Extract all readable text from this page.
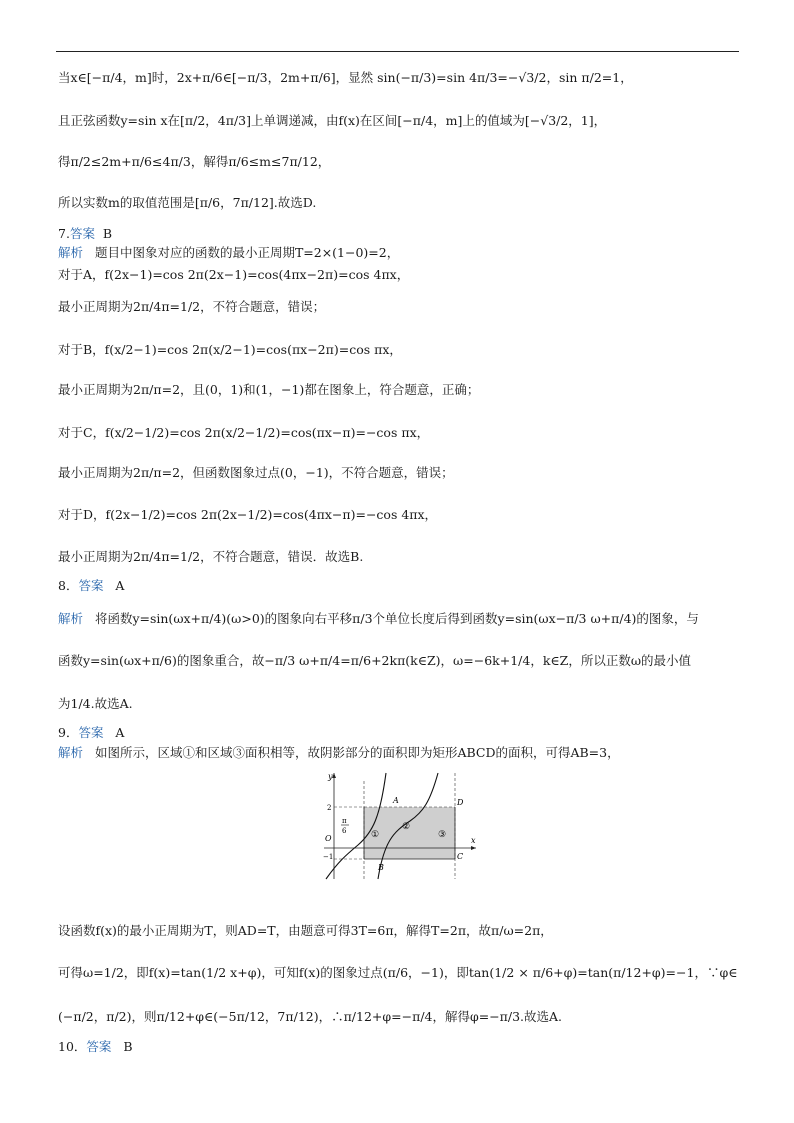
当x∈[−π/4，m]时，2x+π/6∈[−π/3，2m+π/6]，显然 sin(−π/3)=sin 4π/3=−√3/2，sin π/2=1，
且正弦函数y=sin x在[π/2，4π/3]上单调递减，由f(x)在区间[−π/4，m]上的值域为[−√3/2，1]，
得π/2≤2m+π/6≤4π/3，解得π/6≤m≤7π/12，
所以实数m的取值范围是[π/6，7π/12].故选D.
7.答案 B
解析 题目中图象对应的函数的最小正周期T=2×(1−0)=2，
对于A，f(2x−1)=cos 2π(2x−1)=cos(4πx−2π)=cos 4πx，
最小正周期为2π/4π=1/2，不符合题意，错误；
对于B，f(x/2−1)=cos 2π(x/2−1)=cos(πx−2π)=cos πx，
最小正周期为2π/π=2，且(0，1)和(1，−1)都在图象上，符合题意，正确；
对于C，f(x/2−1/2)=cos 2π(x/2−1/2)=cos(πx−π)=−cos πx，
最小正周期为2π/π=2，但函数图象过点(0，−1)，不符合题意，错误；
对于D，f(2x−1/2)=cos 2π(2x−1/2)=cos(4πx−π)=−cos 4πx，
最小正周期为2π/4π=1/2，不符合题意，错误．故选B.
8．答案 A
解析 将函数y=sin(ωx+π/4)(ω>0)的图象向右平移π/3个单位长度后得到函数y=sin(ωx−π/3 ω+π/4)的图象，与
函数y=sin(ωx+π/6)的图象重合，故−π/3 ω+π/4=π/6+2kπ(k∈Z)，ω=−6k+1/4，k∈Z，所以正数ω的最小值
为1/4.故选A.
9．答案 A
解析 如图所示，区域①和区域③面积相等，故阴影部分的面积即为矩形ABCD的面积，可得AB=3，
y
x
O
2
−1
π
6
A
B
C
D
①
②
③
设函数f(x)的最小正周期为T，则AD=T，由题意可得3T=6π，解得T=2π，故π/ω=2π，
可得ω=1/2，即f(x)=tan(1/2 x+φ)，可知f(x)的图象过点(π/6，−1)，即tan(1/2 × π/6+φ)=tan(π/12+φ)=−1，∵φ∈
(−π/2，π/2)，则π/12+φ∈(−5π/12，7π/12)，∴π/12+φ=−π/4，解得φ=−π/3.故选A.
10．答案 B
